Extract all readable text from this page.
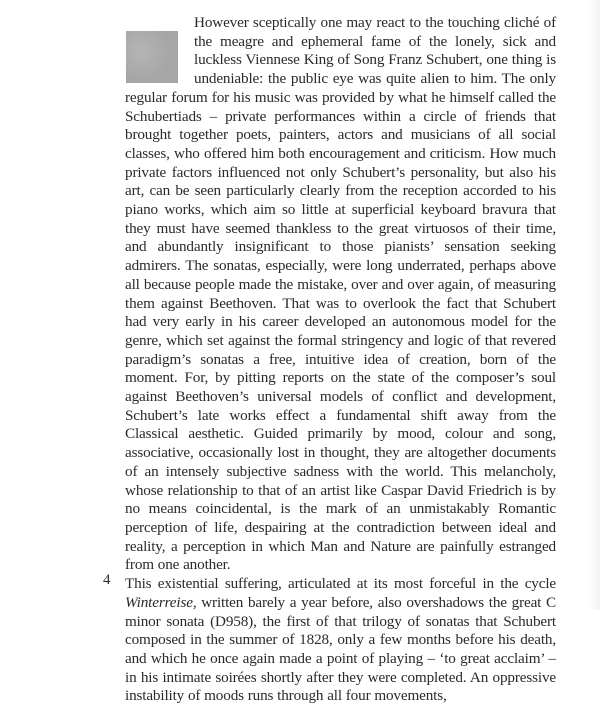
However sceptically one may react to the touching cliché of the meagre and ephemeral fame of the lonely, sick and luckless Viennese King of Song Franz Schubert, one thing is undeniable: the public eye was quite alien to him. The only regular forum for his music was provided by what he himself called the Schubertiads – private performances within a circle of friends that brought together poets, painters, actors and musicians of all social classes, who offered him both encouragement and criticism. How much private factors influenced not only Schubert’s personality, but also his art, can be seen particularly clearly from the reception accorded to his piano works, which aim so little at superficial keyboard bravura that they must have seemed thankless to the great virtuosos of their time, and abundantly insignificant to those pianists’ sensation seeking admirers. The sonatas, especially, were long underrated, perhaps above all because people made the mistake, over and over again, of measuring them against Beethoven. That was to overlook the fact that Schubert had very early in his career developed an autonomous model for the genre, which set against the formal stringency and logic of that revered paradigm’s sonatas a free, intuitive idea of creation, born of the moment. For, by pitting reports on the state of the composer’s soul against Beethoven’s universal models of conflict and development, Schubert’s late works effect a fundamental shift away from the Classical aesthetic. Guided primarily by mood, colour and song, associative, occasionally lost in thought, they are altogether documents of an intensely subjective sadness with the world. This melancholy, whose relationship to that of an artist like Caspar David Friedrich is by no means coincidental, is the mark of an unmistakably Romantic perception of life, despairing at the contradiction between ideal and reality, a perception in which Man and Nature are painfully estranged from one another.

This existential suffering, articulated at its most forceful in the cycle Winterreise, written barely a year before, also overshadows the great C minor sonata (D958), the first of that trilogy of sonatas that Schubert composed in the summer of 1828, only a few months before his death, and which he once again made a point of playing – ‘to great acclaim’ – in his intimate soirées shortly after they were completed. An oppressive instability of moods runs through all four movements,

4
